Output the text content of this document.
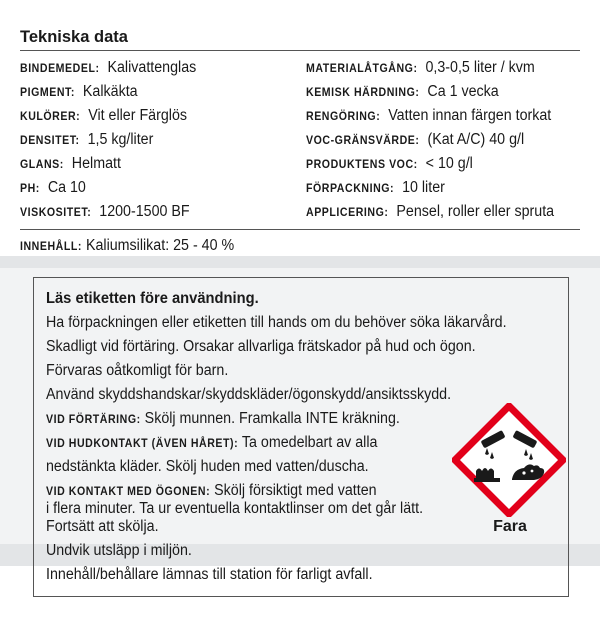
Tekniska data
BINDEMEDEL: Kalivattenglas
PIGMENT: Kalkäkta
KULÖRER: Vit eller Färglös
DENSITET: 1,5 kg/liter
GLANS: Helmatt
PH: Ca 10
VISKOSITET: 1200-1500 BF
MATERIALÅTGÅNG: 0,3-0,5 liter / kvm
KEMISK HÄRDNING: Ca 1 vecka
RENGÖRING: Vatten innan färgen torkat
VOC-GRÄNSVÄRDE: (Kat A/C) 40 g/l
PRODUKTENS VOC: < 10 g/l
FÖRPACKNING: 10 liter
APPLICERING: Pensel, roller eller spruta
INNEHÅLL: Kaliumsilikat: 25 - 40 %
Läs etiketten före användning.
Ha förpackningen eller etiketten till hands om du behöver söka läkarvård.
Skadligt vid förtäring. Orsakar allvarliga frätskador på hud och ögon.
Förvaras oåtkomligt för barn.
Använd skyddshandskar/skyddskläder/ögonskydd/ansiktsskydd.
VID FÖRTÄRING: Skölj munnen. Framkalla INTE kräkning.
VID HUDKONTAKT (ÄVEN HÅRET): Ta omedelbart av alla
nedstänkta kläder. Skölj huden med vatten/duscha.
VID KONTAKT MED ÖGONEN: Skölj försiktigt med vatten
i flera minuter. Ta ur eventuella kontaktlinser om det går lätt.
Fortsätt att skölja.
Undvik utsläpp i miljön.
Innehåll/behållare lämnas till station för farligt avfall.
Fara
